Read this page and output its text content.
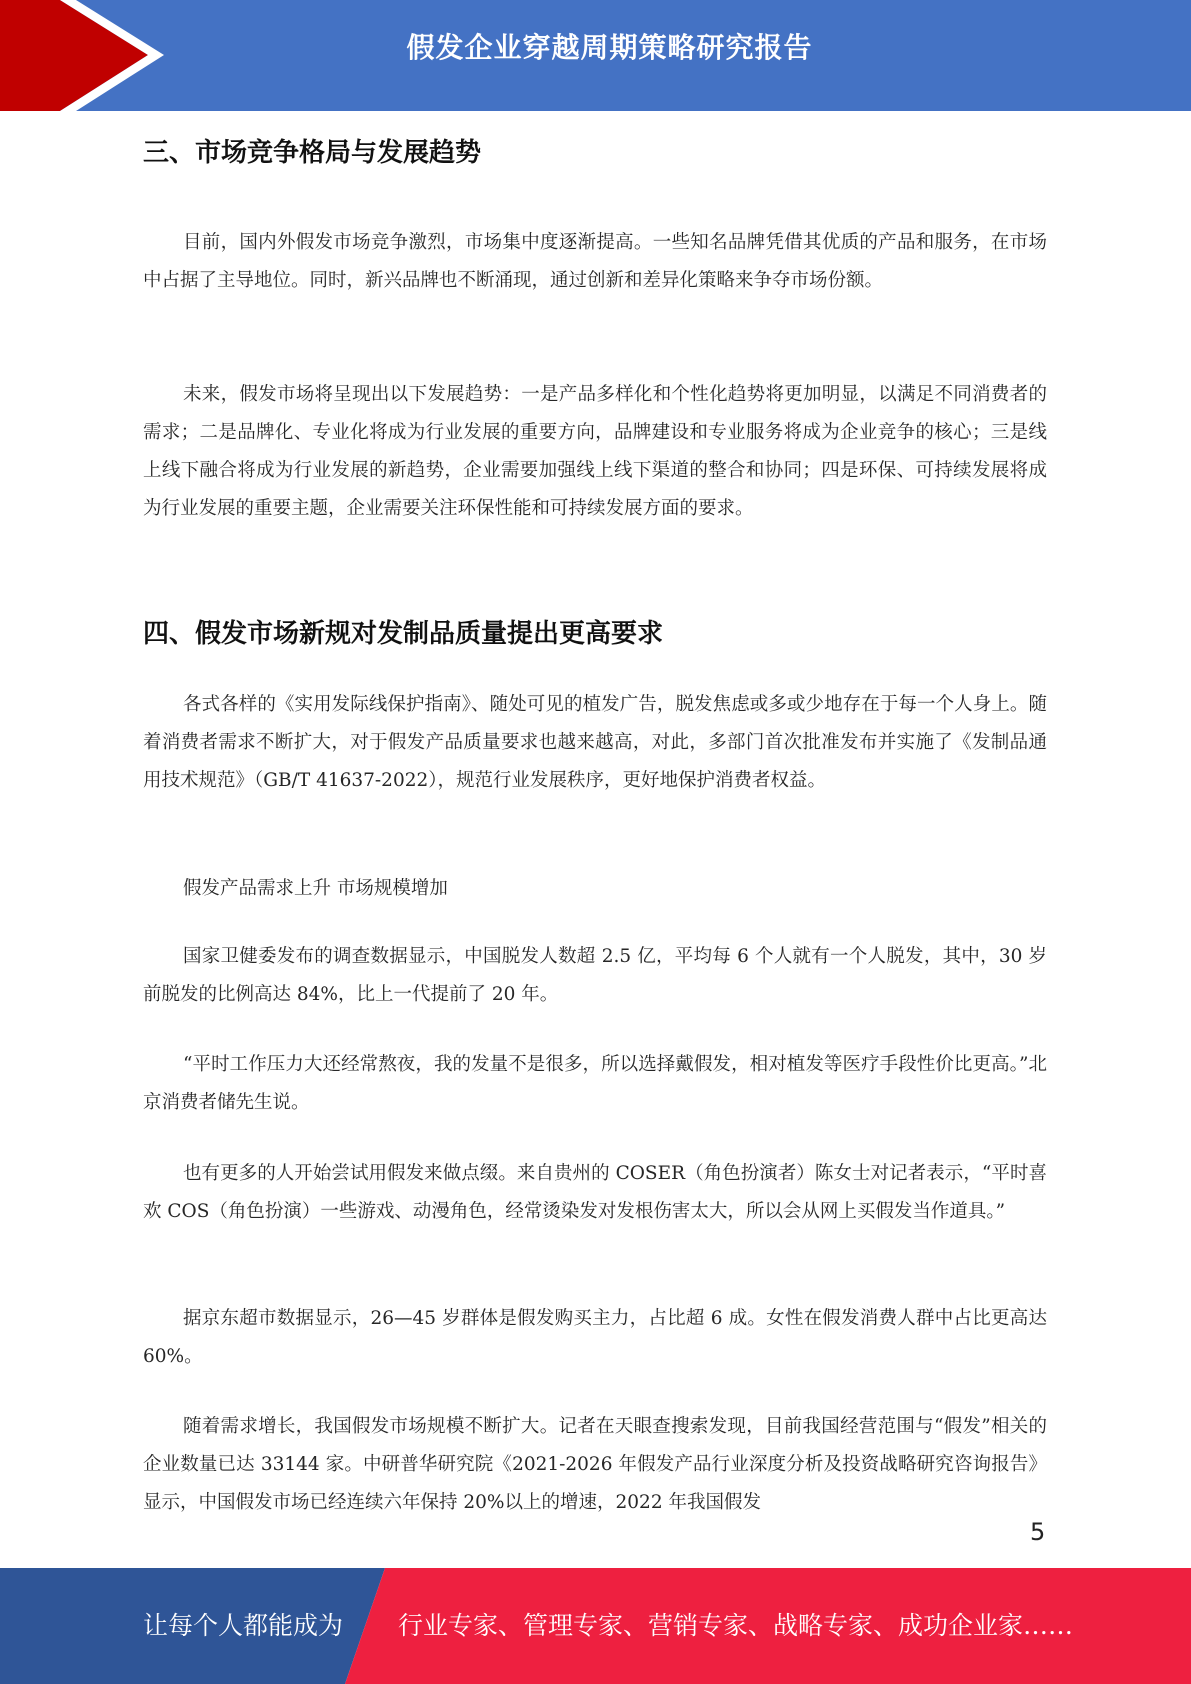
假发企业穿越周期策略研究报告
三、市场竞争格局与发展趋势

目前，国内外假发市场竞争激烈，市场集中度逐渐提高。一些知名品牌凭借其优质的产品和服务，在市场中占据了主导地位。同时，新兴品牌也不断涌现，通过创新和差异化策略来争夺市场份额。

未来，假发市场将呈现出以下发展趋势：一是产品多样化和个性化趋势将更加明显，以满足不同消费者的需求；二是品牌化、专业化将成为行业发展的重要方向，品牌建设和专业服务将成为企业竞争的核心；三是线上线下融合将成为行业发展的新趋势，企业需要加强线上线下渠道的整合和协同；四是环保、可持续发展将成为行业发展的重要主题，企业需要关注环保性能和可持续发展方面的要求。

四、假发市场新规对发制品质量提出更高要求

各式各样的《实用发际线保护指南》、随处可见的植发广告，脱发焦虑或多或少地存在于每一个人身上。随着消费者需求不断扩大，对于假发产品质量要求也越来越高，对此，多部门首次批准发布并实施了《发制品通用技术规范》（GB/T 41637-2022），规范行业发展秩序，更好地保护消费者权益。

假发产品需求上升 市场规模增加

国家卫健委发布的调查数据显示，中国脱发人数超 2.5 亿，平均每 6 个人就有一个人脱发，其中，30 岁前脱发的比例高达 84%，比上一代提前了 20 年。

“平时工作压力大还经常熬夜，我的发量不是很多，所以选择戴假发，相对植发等医疗手段性价比更高。”北京消费者储先生说。

也有更多的人开始尝试用假发来做点缀。来自贵州的 COSER（角色扮演者）陈女士对记者表示，“平时喜欢 COS（角色扮演）一些游戏、动漫角色，经常烫染发对发根伤害太大，所以会从网上买假发当作道具。”

据京东超市数据显示，26—45 岁群体是假发购买主力，占比超 6 成。女性在假发消费人群中占比更高达 60%。

随着需求增长，我国假发市场规模不断扩大。记者在天眼查搜索发现，目前我国经营范围与“假发”相关的企业数量已达 33144 家。中研普华研究院《2021-2026 年假发产品行业深度分析及投资战略研究咨询报告》显示，中国假发市场已经连续六年保持 20%以上的增速，2022 年我国假发

5
让每个人都能成为 行业专家、管理专家、营销专家、战略专家、成功企业家……
